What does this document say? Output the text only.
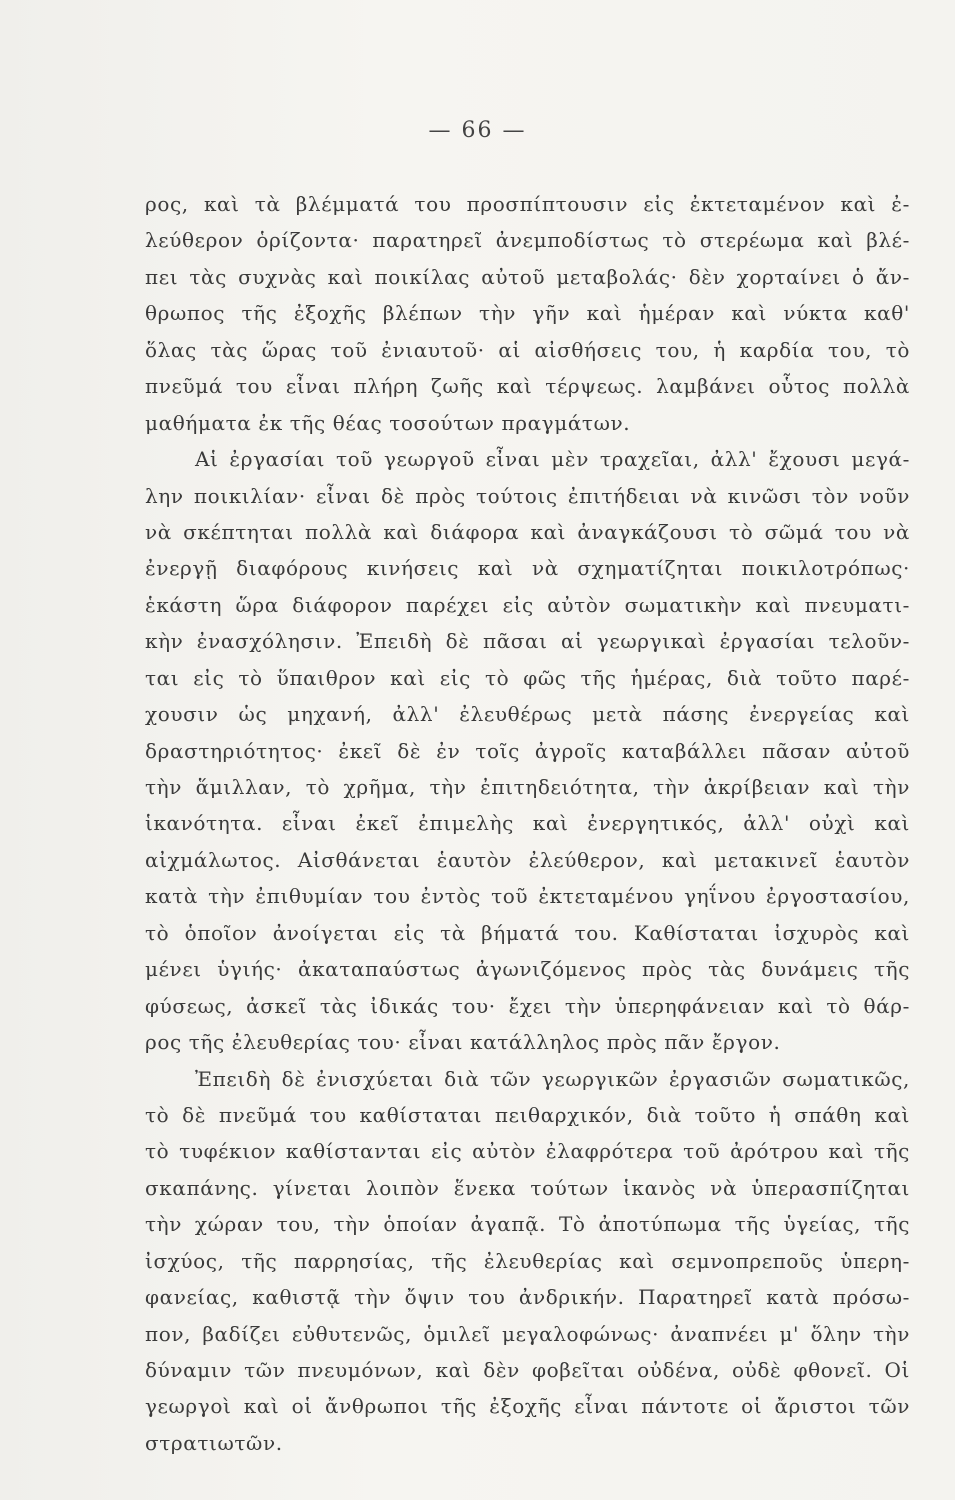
— 66 —
ρος, καὶ τὰ βλέμματά του προσπίπτουσιν εἰς ἐκτεταμένον καὶ ἐ-
λεύθερον ὁρίζοντα· παρατηρεῖ ἀνεμποδίστως τὸ στερέωμα καὶ βλέ-
πει τὰς συχνὰς καὶ ποικίλας αὐτοῦ μεταβολάς· δὲν χορταίνει ὁ ἄν-
θρωπος τῆς ἐξοχῆς βλέπων τὴν γῆν καὶ ἡμέραν καὶ νύκτα καθ'
ὅλας τὰς ὥρας τοῦ ἐνιαυτοῦ· αἱ αἰσθήσεις του, ἡ καρδία του, τὸ
πνεῦμά του εἶναι πλήρη ζωῆς καὶ τέρψεως. λαμβάνει οὗτος πολλὰ
μαθήματα ἐκ τῆς θέας τοσούτων πραγμάτων.
Αἱ ἐργασίαι τοῦ γεωργοῦ εἶναι μὲν τραχεῖαι, ἀλλ' ἔχουσι μεγά-
λην ποικιλίαν· εἶναι δὲ πρὸς τούτοις ἐπιτήδειαι νὰ κινῶσι τὸν νοῦν
νὰ σκέπτηται πολλὰ καὶ διάφορα καὶ ἀναγκάζουσι τὸ σῶμά του νὰ
ἐνεργῇ διαφόρους κινήσεις καὶ νὰ σχηματίζηται ποικιλοτρόπως·
ἑκάστη ὥρα διάφορον παρέχει εἰς αὐτὸν σωματικὴν καὶ πνευματι-
κὴν ἐνασχόλησιν. Ἐπειδὴ δὲ πᾶσαι αἱ γεωργικαὶ ἐργασίαι τελοῦν-
ται εἰς τὸ ὕπαιθρον καὶ εἰς τὸ φῶς τῆς ἡμέρας, διὰ τοῦτο παρέ-
χουσιν ὡς μηχανή, ἀλλ' ἐλευθέρως μετὰ πάσης ἐνεργείας καὶ
δραστηριότητος· ἐκεῖ δὲ ἐν τοῖς ἀγροῖς καταβάλλει πᾶσαν αὐτοῦ
τὴν ἅμιλλαν, τὸ χρῆμα, τὴν ἐπιτηδειότητα, τὴν ἀκρίβειαν καὶ τὴν
ἱκανότητα. εἶναι ἐκεῖ ἐπιμελὴς καὶ ἐνεργητικός, ἀλλ' οὐχὶ καὶ
αἰχμάλωτος. Αἰσθάνεται ἑαυτὸν ἐλεύθερον, καὶ μετακινεῖ ἑαυτὸν
κατὰ τὴν ἐπιθυμίαν του ἐντὸς τοῦ ἐκτεταμένου γηΐνου ἐργοστασίου,
τὸ ὁποῖον ἀνοίγεται εἰς τὰ βήματά του. Καθίσταται ἰσχυρὸς καὶ
μένει ὑγιής· ἀκαταπαύστως ἀγωνιζόμενος πρὸς τὰς δυνάμεις τῆς
φύσεως, ἀσκεῖ τὰς ἰδικάς του· ἔχει τὴν ὑπερηφάνειαν καὶ τὸ θάρ-
ρος τῆς ἐλευθερίας του· εἶναι κατάλληλος πρὸς πᾶν ἔργον.
Ἐπειδὴ δὲ ἐνισχύεται διὰ τῶν γεωργικῶν ἐργασιῶν σωματικῶς,
τὸ δὲ πνεῦμά του καθίσταται πειθαρχικόν, διὰ τοῦτο ἡ σπάθη καὶ
τὸ τυφέκιον καθίστανται εἰς αὐτὸν ἐλαφρότερα τοῦ ἀρότρου καὶ τῆς
σκαπάνης. γίνεται λοιπὸν ἕνεκα τούτων ἱκανὸς νὰ ὑπερασπίζηται
τὴν χώραν του, τὴν ὁποίαν ἀγαπᾷ. Τὸ ἀποτύπωμα τῆς ὑγείας, τῆς
ἰσχύος, τῆς παρρησίας, τῆς ἐλευθερίας καὶ σεμνοπρεποῦς ὑπερη-
φανείας, καθιστᾷ τὴν ὄψιν του ἀνδρικήν. Παρατηρεῖ κατὰ πρόσω-
πον, βαδίζει εὐθυτενῶς, ὁμιλεῖ μεγαλοφώνως· ἀναπνέει μ' ὅλην τὴν
δύναμιν τῶν πνευμόνων, καὶ δὲν φοβεῖται οὐδένα, οὐδὲ φθονεῖ. Οἱ
γεωργοὶ καὶ οἱ ἄνθρωποι τῆς ἐξοχῆς εἶναι πάντοτε οἱ ἄριστοι τῶν
στρατιωτῶν.
